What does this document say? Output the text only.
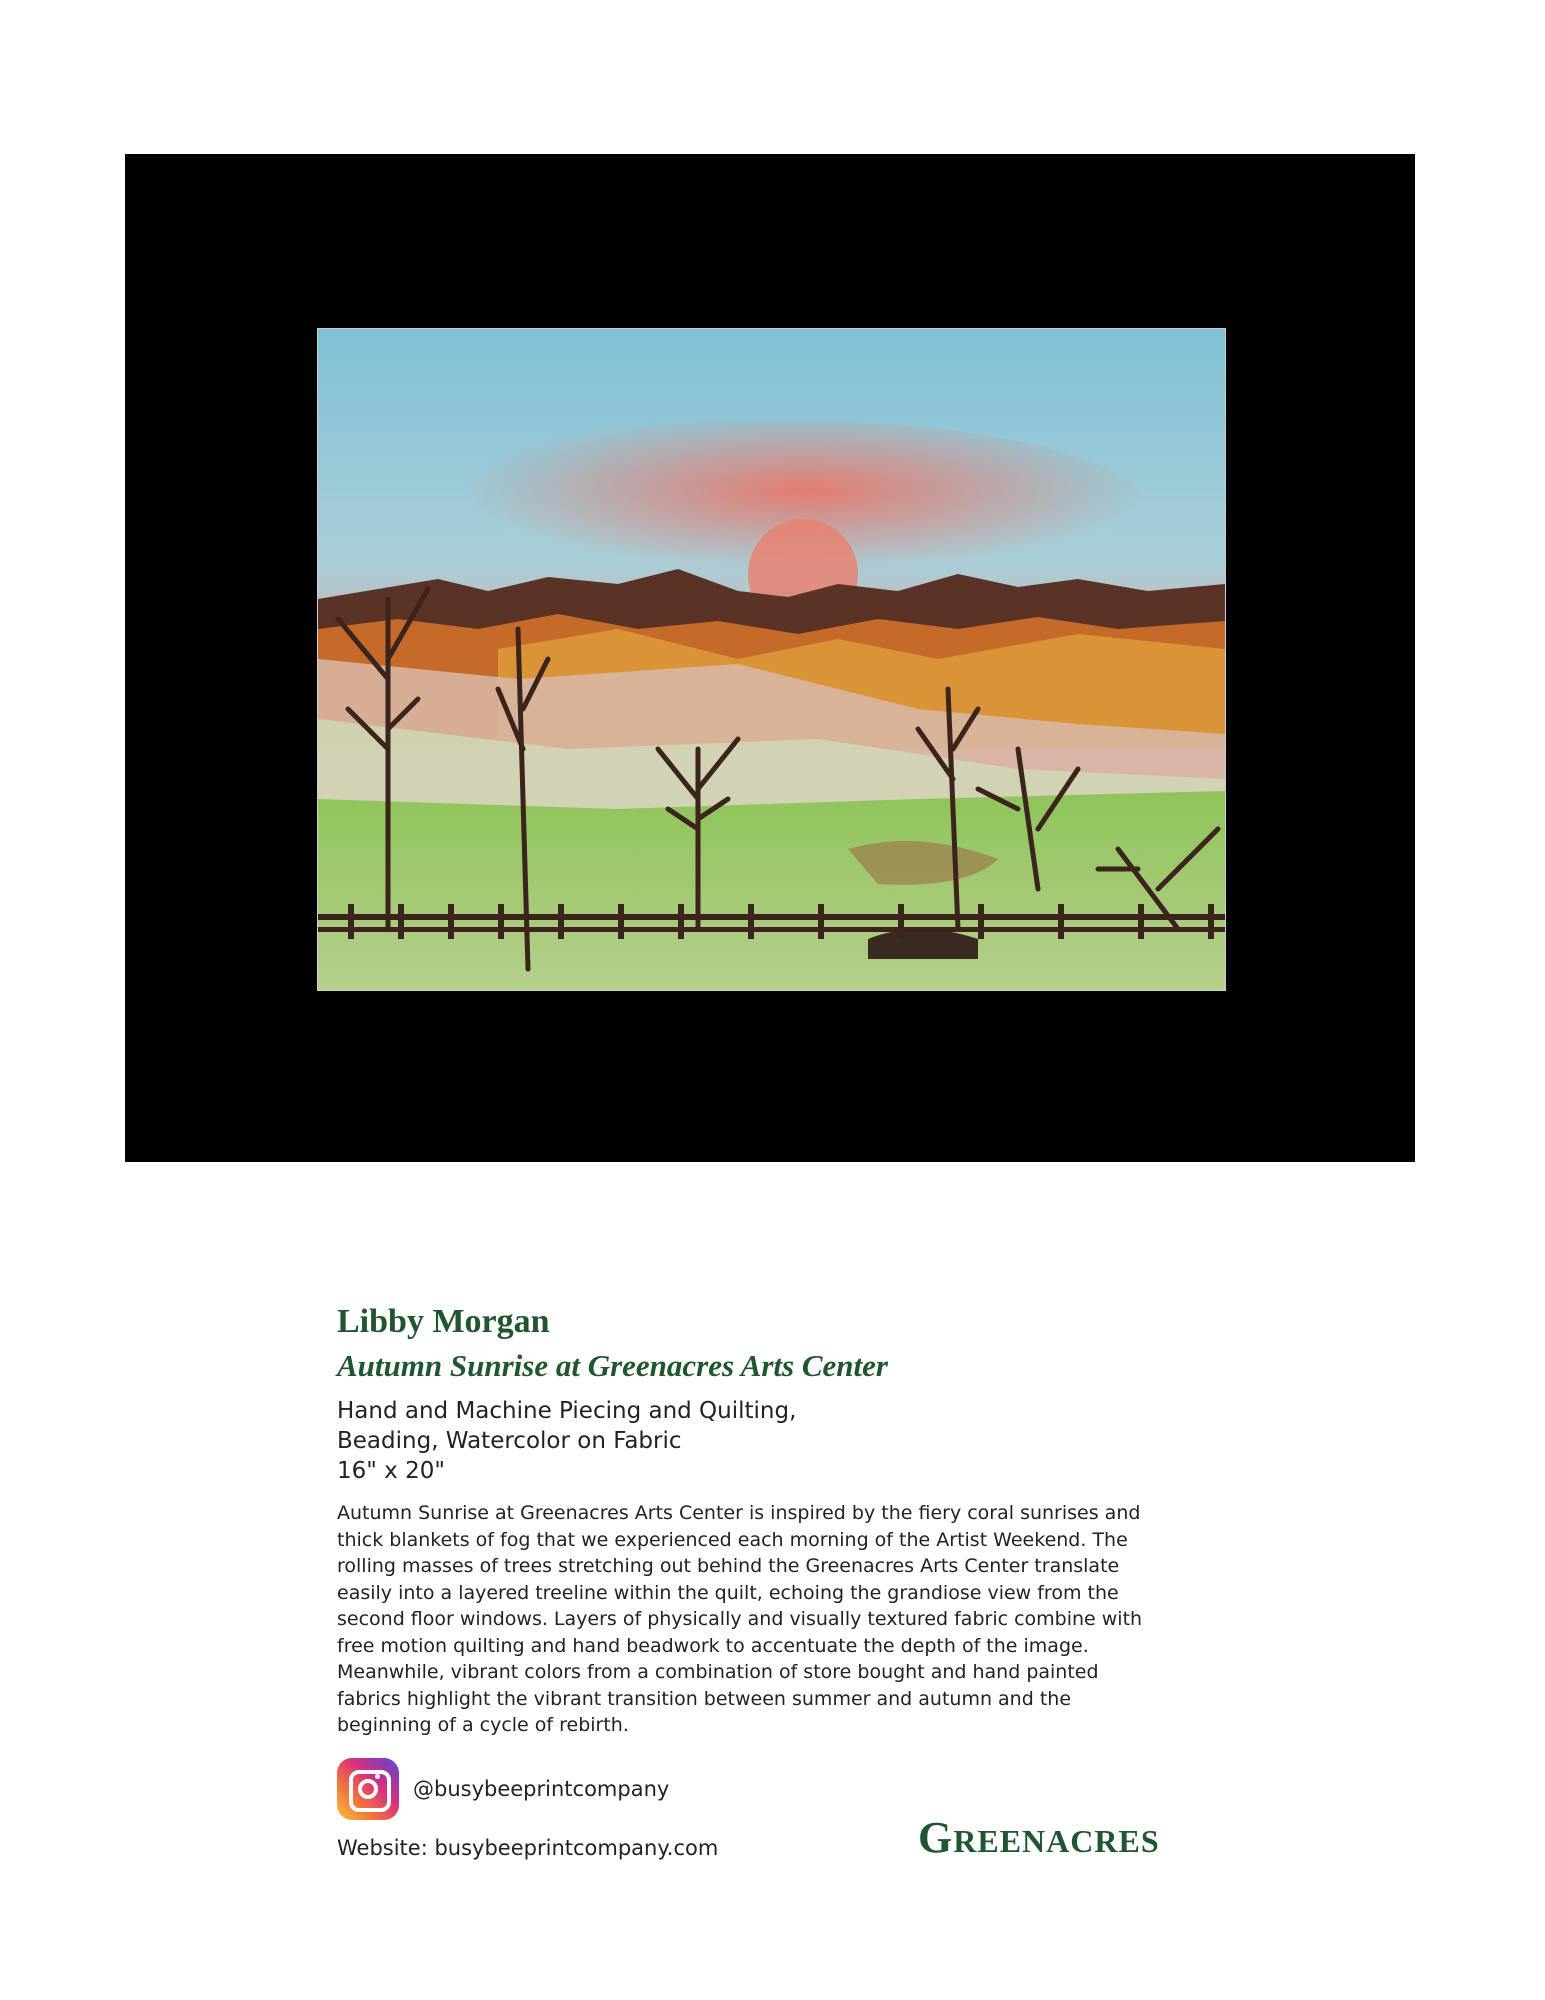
Libby Morgan

Autumn Sunrise at Greenacres Arts Center

Hand and Machine Piecing and Quilting,
Beading, Watercolor on Fabric
16" x 20"
Autumn Sunrise at Greenacres Arts Center is inspired by the fiery coral sunrises and thick blankets of fog that we experienced each morning of the Artist Weekend. The rolling masses of trees stretching out behind the Greenacres Arts Center translate easily into a layered treeline within the quilt, echoing the grandiose view from the second floor windows. Layers of physically and visually textured fabric combine with free motion quilting and hand beadwork to accentuate the depth of the image. Meanwhile, vibrant colors from a combination of store bought and hand painted fabrics highlight the vibrant transition between summer and autumn and the beginning of a cycle of rebirth.
@busybeeprintcompany
Website: busybeeprintcompany.com	GREENACRES
